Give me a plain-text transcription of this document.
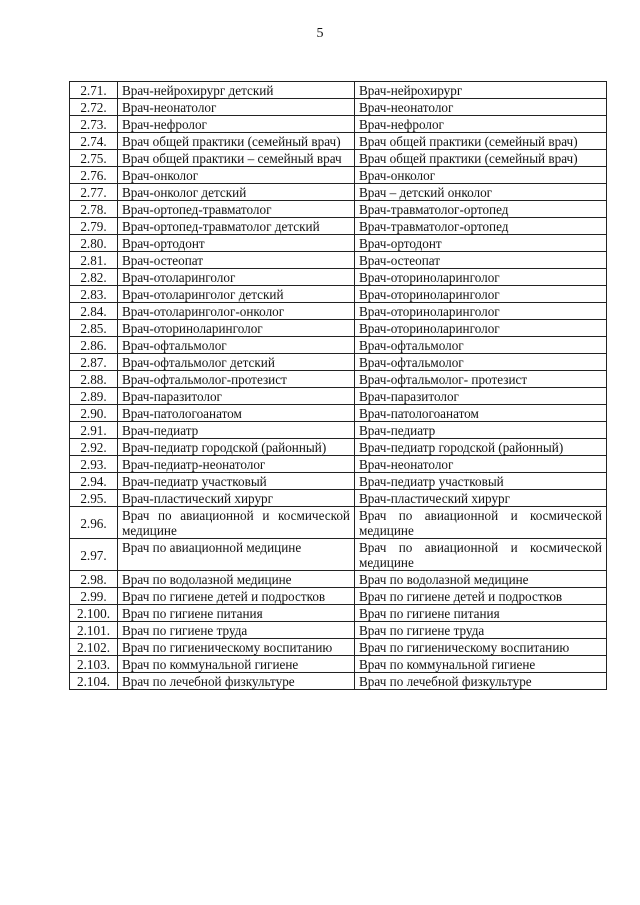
5
2.71.	Врач-нейрохирург детский	Врач-нейрохирург
2.72.	Врач-неонатолог	Врач-неонатолог
2.73.	Врач-нефролог	Врач-нефролог
2.74.	Врач общей практики (семейный врач)	Врач общей практики (семейный врач)
2.75.	Врач общей практики – семейный врач	Врач общей практики (семейный врач)
2.76.	Врач-онколог	Врач-онколог
2.77.	Врач-онколог детский	Врач – детский онколог
2.78.	Врач-ортопед-травматолог	Врач-травматолог-ортопед
2.79.	Врач-ортопед-травматолог детский	Врач-травматолог-ортопед
2.80.	Врач-ортодонт	Врач-ортодонт
2.81.	Врач-остеопат	Врач-остеопат
2.82.	Врач-отоларинголог	Врач-оториноларинголог
2.83.	Врач-отоларинголог детский	Врач-оториноларинголог
2.84.	Врач-отоларинголог-онколог	Врач-оториноларинголог
2.85.	Врач-оториноларинголог	Врач-оториноларинголог
2.86.	Врач-офтальмолог	Врач-офтальмолог
2.87.	Врач-офтальмолог детский	Врач-офтальмолог
2.88.	Врач-офтальмолог-протезист	Врач-офтальмолог- протезист
2.89.	Врач-паразитолог	Врач-паразитолог
2.90.	Врач-патологоанатом	Врач-патологоанатом
2.91.	Врач-педиатр	Врач-педиатр
2.92.	Врач-педиатр городской (районный)	Врач-педиатр городской (районный)
2.93.	Врач-педиатр-неонатолог	Врач-неонатолог
2.94.	Врач-педиатр участковый	Врач-педиатр участковый
2.95.	Врач-пластический хирург	Врач-пластический хирург
2.96.	Врач по авиационной и космической медицине	Врач по авиационной и космической медицине
2.97.	Врач по авиационной медицине	Врач по авиационной и космической медицине
2.98.	Врач по водолазной медицине	Врач по водолазной медицине
2.99.	Врач по гигиене детей и подростков	Врач по гигиене детей и подростков
2.100.	Врач по гигиене питания	Врач по гигиене питания
2.101.	Врач по гигиене труда	Врач по гигиене труда
2.102.	Врач по гигиеническому воспитанию	Врач по гигиеническому воспитанию
2.103.	Врач по коммунальной гигиене	Врач по коммунальной гигиене
2.104.	Врач по лечебной физкультуре	Врач по лечебной физкультуре
